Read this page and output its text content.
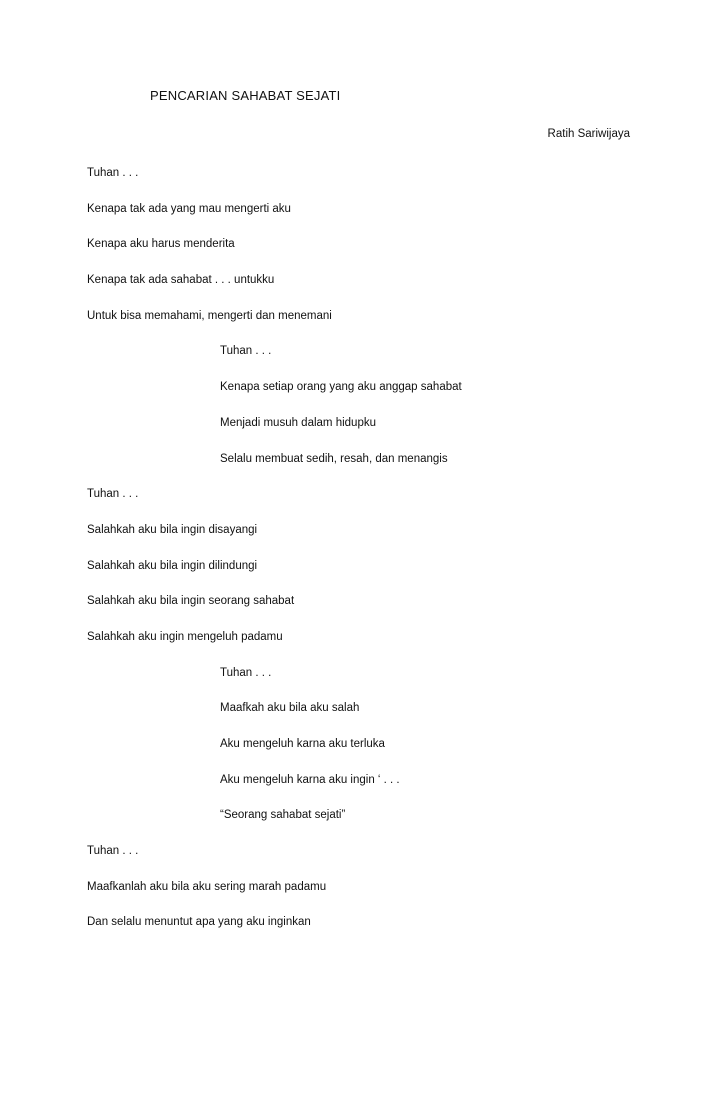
PENCARIAN SAHABAT SEJATI
Ratih Sariwijaya
Tuhan . . .
Kenapa tak ada yang mau mengerti aku
Kenapa aku harus menderita
Kenapa tak ada sahabat . . . untukku
Untuk bisa memahami, mengerti dan menemani
Tuhan . . .
Kenapa setiap orang yang aku anggap sahabat
Menjadi musuh dalam hidupku
Selalu membuat sedih, resah, dan menangis
Tuhan . . .
Salahkah aku bila ingin disayangi
Salahkah aku bila ingin dilindungi
Salahkah aku bila ingin seorang sahabat
Salahkah aku ingin mengeluh padamu
Tuhan . . .
Maafkah aku bila aku salah
Aku mengeluh karna aku terluka
Aku mengeluh karna aku ingin ‘ . . .
“Seorang sahabat sejati”
Tuhan . . .
Maafkanlah aku bila aku sering marah padamu
Dan selalu menuntut apa yang aku inginkan
